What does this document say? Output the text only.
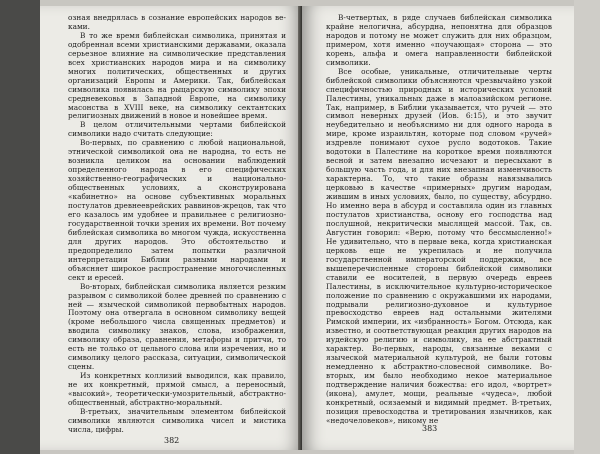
озная внедрялась в сознание европейских народов ве-ками.

В то же время библейская символика, принятая и одобренная всеми христианскими державами, оказала серьезное влияние на символические представления всех христианских народов мира и на символику многих политических, общественных и других организаций Европы и Америки. Так, библейская символика появилась на рыцарскую символику эпохи средневековья в Западной Европе, на символику масонства в XVIII веке, на символику сектантских религиозных движений в новое и новейшее время.

В целом отличительными чертами библейской символики надо считать следующие:

Во-первых, по сравнению с любой национальной, этнической символикой она не народна, то есть не возникла целиком на основании наблюдений определенного народа в его специфических хозяйственно-географических и национально-общественных условиях, а сконструирована «кабинетно» на основе субъективных моральных постулатов древнееврейских раввинов-жрецов, так что его казалось им удобнее и правильнее с религиозно-государственной точки зрения их времени. Вот почему библейская символика во многом чужда, искусственна для других народов. Это обстоятельство и предопределило затем попытки различной интерпретации Библии разными народами и объясняет широкое распространение многочисленных сект и ересей.

Во-вторых, библейская символика является резким разрывом с символикой более древней по сравнению с ней — языческой символикой первобытных народов. Поэтому она отвергала в основном символику вещей (кроме небольшого числа священных предметов) и вводила символику знаков, слова, изображения, символику образа, сравнения, метафоры и притчи, то есть не только от цельного слова или изречения, но и символику целого рассказа, ситуации, символической сцены.

Из конкретных коллизий выводился, как правило, не их конкретный, прямой смысл, а переносный, «высокий», теоретически-умозрительный, абстрактно-общественный, абстрактно-моральный.

В-третьих, значительным элементом библейской символики являются символика чисел и мистика числа, цифры.

382

В-четвертых, в ряде случаев библейская символика крайне нелогична, абсурдна, непонятна для образцов народов и потому не может служить для них образцом, примером, хотя именно «поучающая» сторона — это корень, альфа и омега направленности библейской символики.

Все особые, уникальные, отличительные черты библейской символики объясняются чрезвычайно узкой специфичностью природных и исторических условий Палестины, уникальных даже в малоазийском регионе. Так, например, в Библии указывается, что ручей — это символ неверных друзей (Иов. 6:15), и это звучит неубедительно и необъяснимо ни для одного народа в мире, кроме израильтян, которые под словом «ручей» издревле понимают сухое русло водотоков. Такие водотоки в Палестине на короткое время появляются весной и затем внезапно исчезают и пересыхают в большую часть года, и для них внезапная изменчивость характерна. То, что такие образы навязывались церковью в качестве «примерных» другим народам, жившим в иных условиях, было, по существу, абсурдно. Но именно вера в абсурд и составляла один из главных постулатов христианства, основу его господства над послушной, некритически мыслящей массой. Так, св. Августин говорил: «Верю, потому что бессмысленно!» Не удивительно, что в первые века, когда христианская церковь еще не укрепилась и не получила государственной императорской поддержки, все вышеперечисленные стороны библейской символики ставили ее носителей, в первую очередь евреев Палестины, в исключительное культурно-историческое положение по сравнению с окружавшими их народами, подрывали религиозно-духовное и культурное превосходство евреев над остальными жителями Римской империи, их «избранность» Богом. Отсюда, как известно, и соответствующая реакция других народов на иудейскую религию и символику, на ее абстрактный характер. Во-первых, народы, связанные веками с языческой материальной культурой, не были готовы немедленно к абстрактно-словесной символике. Во-вторых, им было необходимо некое материальное подтверждение наличия божества: его идол, «вортрет» (икона), амулет, мощи, реальные «чудеса», любой конкретный, осязаемый и видимый предмет. В-третьих, позиция превосходства и третирования язычников, как «недочеловеков», никому не

383
